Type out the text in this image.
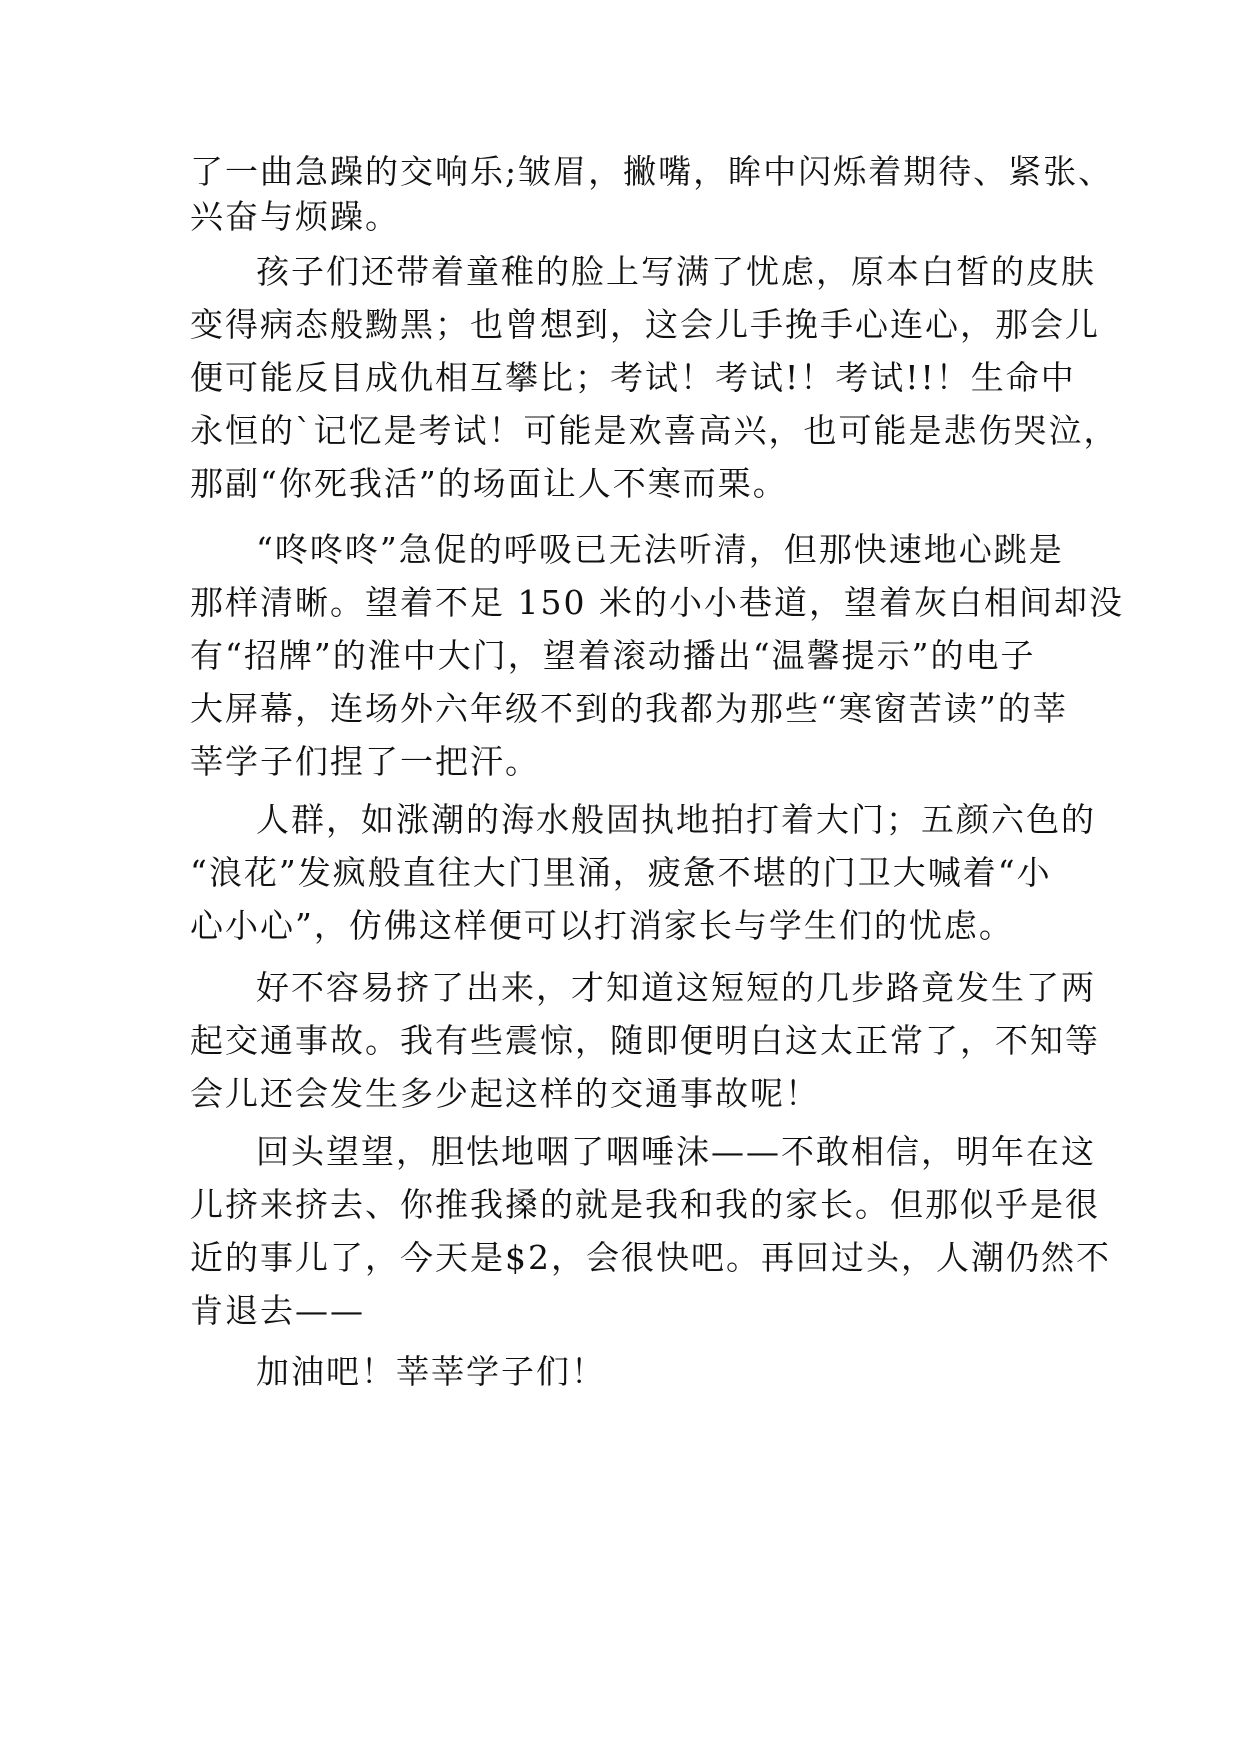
了一曲急躁的交响乐;皱眉，撇嘴，眸中闪烁着期待、紧张、
兴奋与烦躁。
孩子们还带着童稚的脸上写满了忧虑，原本白皙的皮肤
变得病态般黝黑；也曾想到，这会儿手挽手心连心，那会儿
便可能反目成仇相互攀比；考试！考试!！考试!!！生命中
永恒的`记忆是考试！可能是欢喜高兴，也可能是悲伤哭泣，
那副“你死我活”的场面让人不寒而栗。
“咚咚咚”急促的呼吸已无法听清，但那快速地心跳是
那样清晰。望着不足 150 米的小小巷道，望着灰白相间却没
有“招牌”的淮中大门，望着滚动播出“温馨提示”的电子
大屏幕，连场外六年级不到的我都为那些“寒窗苦读”的莘
莘学子们捏了一把汗。
人群，如涨潮的海水般固执地拍打着大门；五颜六色的
“浪花”发疯般直往大门里涌，疲惫不堪的门卫大喊着“小
心小心”，仿佛这样便可以打消家长与学生们的忧虑。
好不容易挤了出来，才知道这短短的几步路竟发生了两
起交通事故。我有些震惊，随即便明白这太正常了，不知等
会儿还会发生多少起这样的交通事故呢！
回头望望，胆怯地咽了咽唾沫——不敢相信，明年在这
儿挤来挤去、你推我搡的就是我和我的家长。但那似乎是很
近的事儿了，今天是$2，会很快吧。再回过头，人潮仍然不
肯退去——
加油吧！莘莘学子们！
